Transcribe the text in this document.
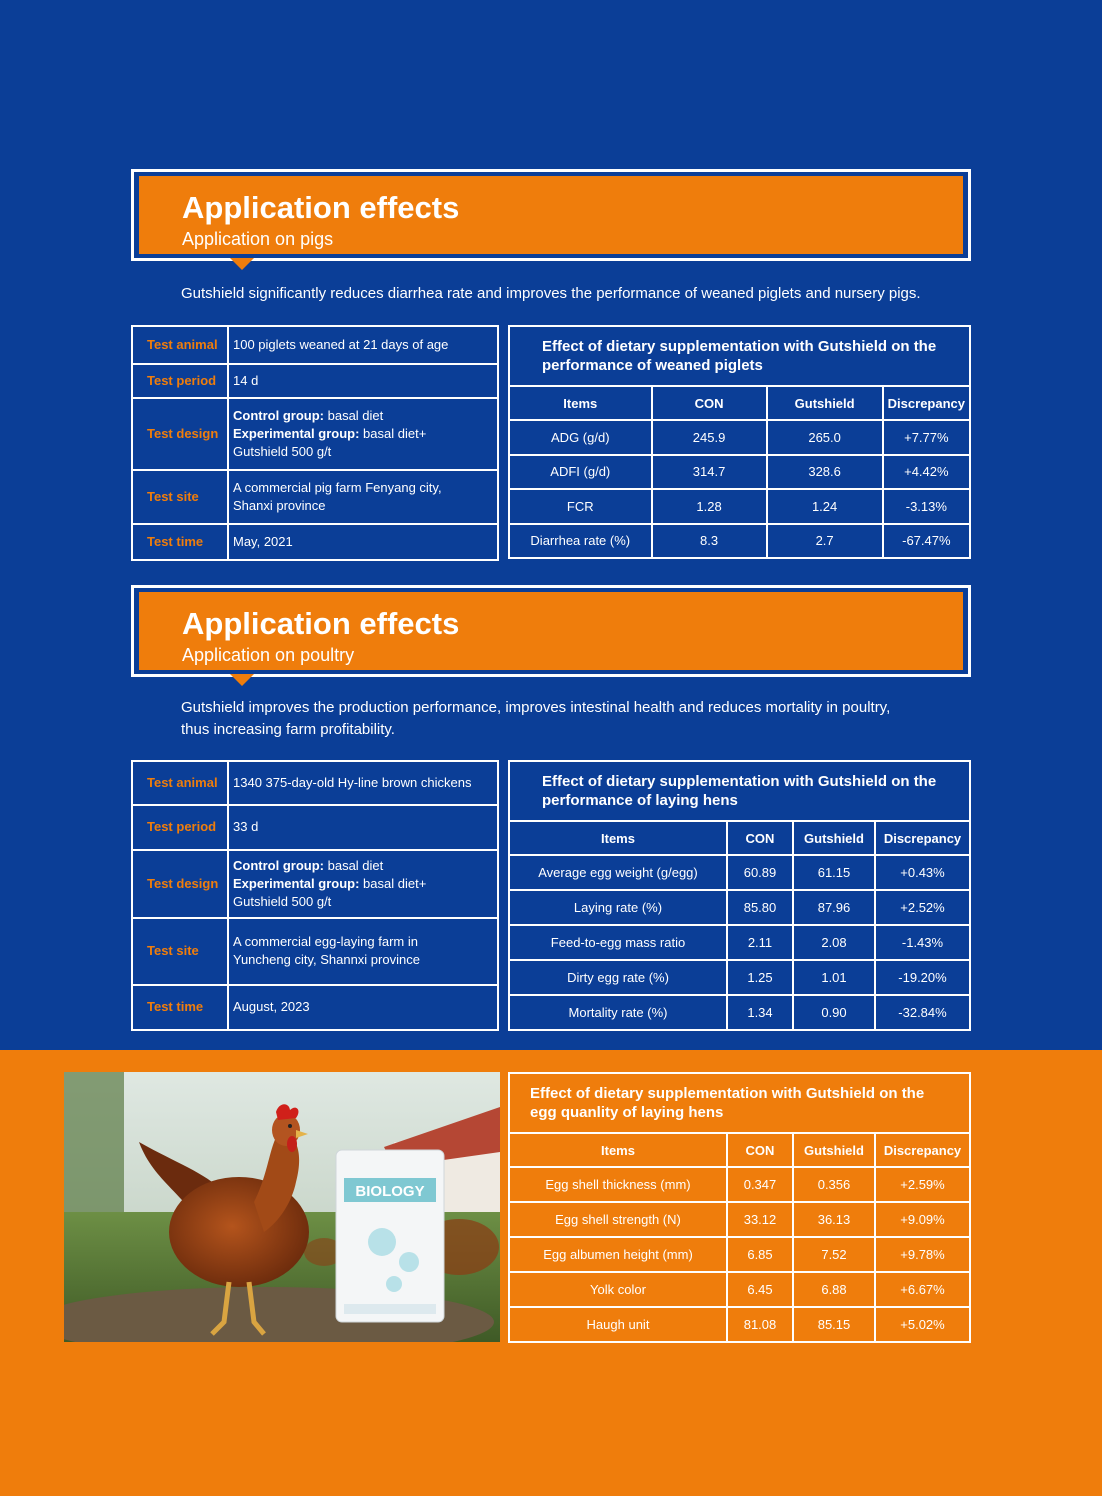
Application effects
Application on pigs
Gutshield significantly reduces diarrhea rate and improves the performance of weaned piglets and nursery pigs.
Test animal	100 piglets weaned at 21 days of age
Test period	14 d
Test design	Control group: basal diet
Experimental group: basal diet+
Gutshield 500 g/t
Test site	A commercial pig farm Fenyang city,
Shanxi province
Test time	May, 2021
Effect of dietary supplementation with Gutshield on the
performance of weaned piglets			
Items	CON	Gutshield	Discrepancy
ADG (g/d)	245.9	265.0	+7.77%
ADFI (g/d)	314.7	328.6	+4.42%
FCR	1.28	1.24	-3.13%
Diarrhea rate (%)	8.3	2.7	-67.47%
Application effects
Application on poultry
Gutshield improves the production performance, improves intestinal health and reduces mortality in poultry,
thus increasing farm profitability.
Test animal	1340 375-day-old Hy-line brown chickens
Test period	33 d
Test design	Control group: basal diet
Experimental group: basal diet+
Gutshield 500 g/t
Test site	A commercial egg-laying farm in
Yuncheng city, Shannxi province
Test time	August, 2023
Effect of dietary supplementation with Gutshield on the
performance of laying hens			
Items	CON	Gutshield	Discrepancy
Average egg weight (g/egg)	60.89	61.15	+0.43%
Laying rate (%)	85.80	87.96	+2.52%
Feed-to-egg mass ratio	2.11	2.08	-1.43%
Dirty egg rate (%)	1.25	1.01	-19.20%
Mortality rate (%)	1.34	0.90	-32.84%
BIOLOGY
Effect of dietary supplementation with Gutshield on the
egg quanlity of laying hens			
Items	CON	Gutshield	Discrepancy
Egg shell thickness (mm)	0.347	0.356	+2.59%
Egg shell strength (N)	33.12	36.13	+9.09%
Egg albumen height (mm)	6.85	7.52	+9.78%
Yolk color	6.45	6.88	+6.67%
Haugh unit	81.08	85.15	+5.02%
